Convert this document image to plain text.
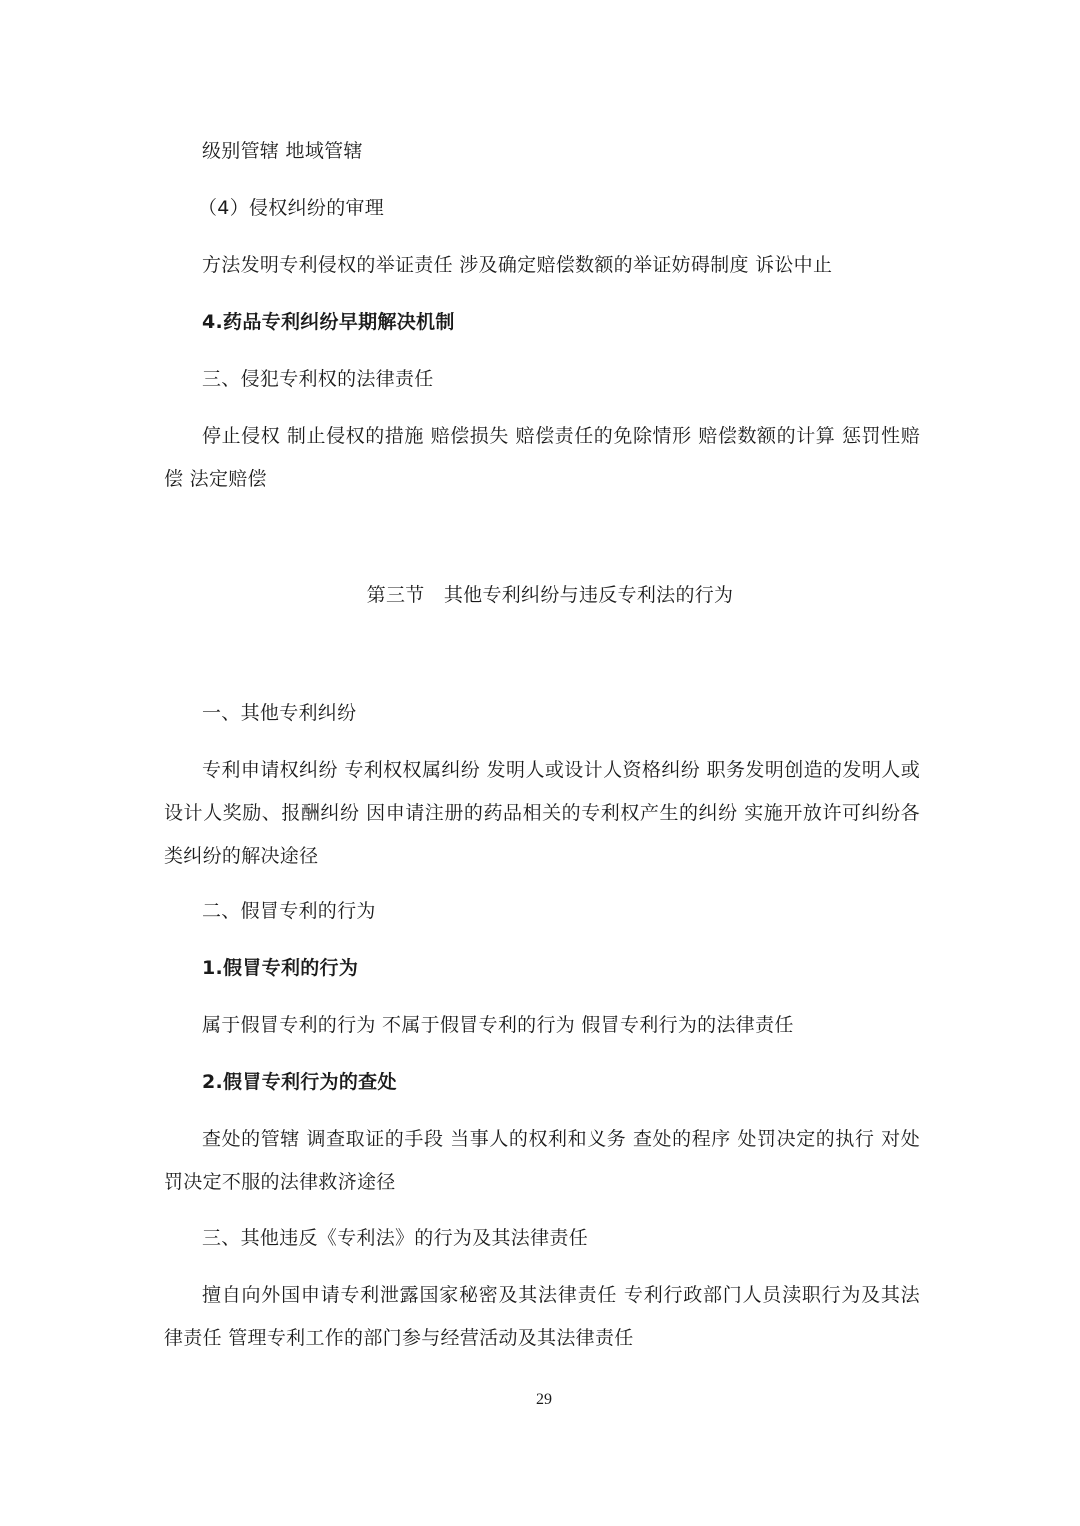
级别管辖 地域管辖
（4）侵权纠纷的审理
方法发明专利侵权的举证责任 涉及确定赔偿数额的举证妨碍制度 诉讼中止
4.药品专利纠纷早期解决机制
三、侵犯专利权的法律责任
停止侵权 制止侵权的措施 赔偿损失 赔偿责任的免除情形 赔偿数额的计算 惩罚性赔偿 法定赔偿
第三节　其他专利纠纷与违反专利法的行为
一、其他专利纠纷
专利申请权纠纷 专利权权属纠纷 发明人或设计人资格纠纷 职务发明创造的发明人或设计人奖励、报酬纠纷 因申请注册的药品相关的专利权产生的纠纷 实施开放许可纠纷各类纠纷的解决途径
二、假冒专利的行为
1.假冒专利的行为
属于假冒专利的行为 不属于假冒专利的行为 假冒专利行为的法律责任
2.假冒专利行为的查处
查处的管辖 调查取证的手段 当事人的权利和义务 查处的程序 处罚决定的执行 对处罚决定不服的法律救济途径
三、其他违反《专利法》的行为及其法律责任
擅自向外国申请专利泄露国家秘密及其法律责任 专利行政部门人员渎职行为及其法律责任 管理专利工作的部门参与经营活动及其法律责任
29
